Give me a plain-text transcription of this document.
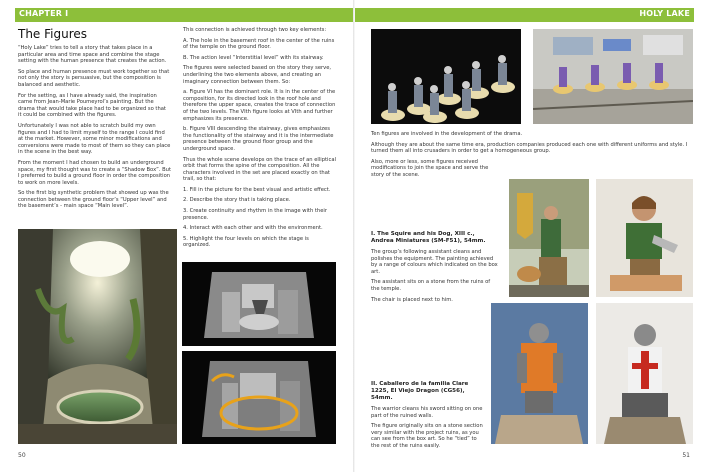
CHAPTER I
The Figures

“Holy Lake” tries to tell a story that takes place in a particular area and time space and combine the stage setting with the human presence that creates the action.

So place and human presence must work together so that not only the story is persuasive, but the composition is balanced and aesthetic.

For the setting, as I have already said, the inspiration came from Jean-Marie Poumeyrol’s painting. But the drama that would take place had to be organized so that it could be combined with the figures.

Unfortunately I was not able to scratch build my own figures and I had to limit myself to the range I could find at the market. However, some minor modifications and conversions were made to most of them so they can place in the scene in the best way.

From the moment I had chosen to build an underground space, my first thought was to create a “Shadow Box”. But I preferred to build a ground floor in order the composition to work on more levels.

So the first big synthetic problem that showed up was the connection between the ground floor’s “Upper level” and the basement’s - main space “Main level”.

This connection is achieved through two key elements:

A. The hole in the basement roof in the center of the ruins of the temple on the ground floor.

B. The action level “Interstitial level” with its stairway.

The figures were selected based on the story they serve, underlining the two elements above, and creating an imaginary connection between them. So:

a. Figure VI has the dominant role. It is in the center of the composition, for its directed look in the roof hole and therefore the upper space, creates the trace of connection of the two levels. The VIth figure looks at VIth and further emphasizes its presence.

b. Figure VIII descending the stairway, gives emphasizes the functionality of the stairway and it is the intermediate presence between the ground floor group and the underground space.

Thus the whole scene develops on the trace of an elliptical orbit that forms the spine of the composition. All the characters involved in the set are placed exactly on that trail, so that:

1. Fill in the picture for the best visual and artistic effect.

2. Describe the story that is taking place.

3. Create continuity and rhythm in the image with their presence.

4. Interact with each other and with the environment.

5. Highlight the four levels on which the stage is organized.

50
HOLY LAKE

Ten figures are involved in the development of the drama.

Although they are about the same time era, production companies produced each one with different uniforms and style. I turned them all into crusaders in order to get a homogeneous group.

Also, more or less, some figures received modifications to join the space and serve the story of the scene.

I. The Squire and his Dog, XIII c., Andrea Miniatures (SM-F51), 54mm.

The group’s following assistant cleans and polishes the equipment. The painting achieved by a range of colours which indicated on the box art.

The assistant sits on a stone from the ruins of the temple.

The chair is placed next to him.

II. Caballero de la familia Clare 1225, El Viejo Dragon (CG56), 54mm.

The warrior cleans his sword sitting on one part of the ruined walls.

The figure originally sits on a stone section very similar with the project ruins, as you can see from the box art. So he “tied” to the rest of the ruins easily.

51
